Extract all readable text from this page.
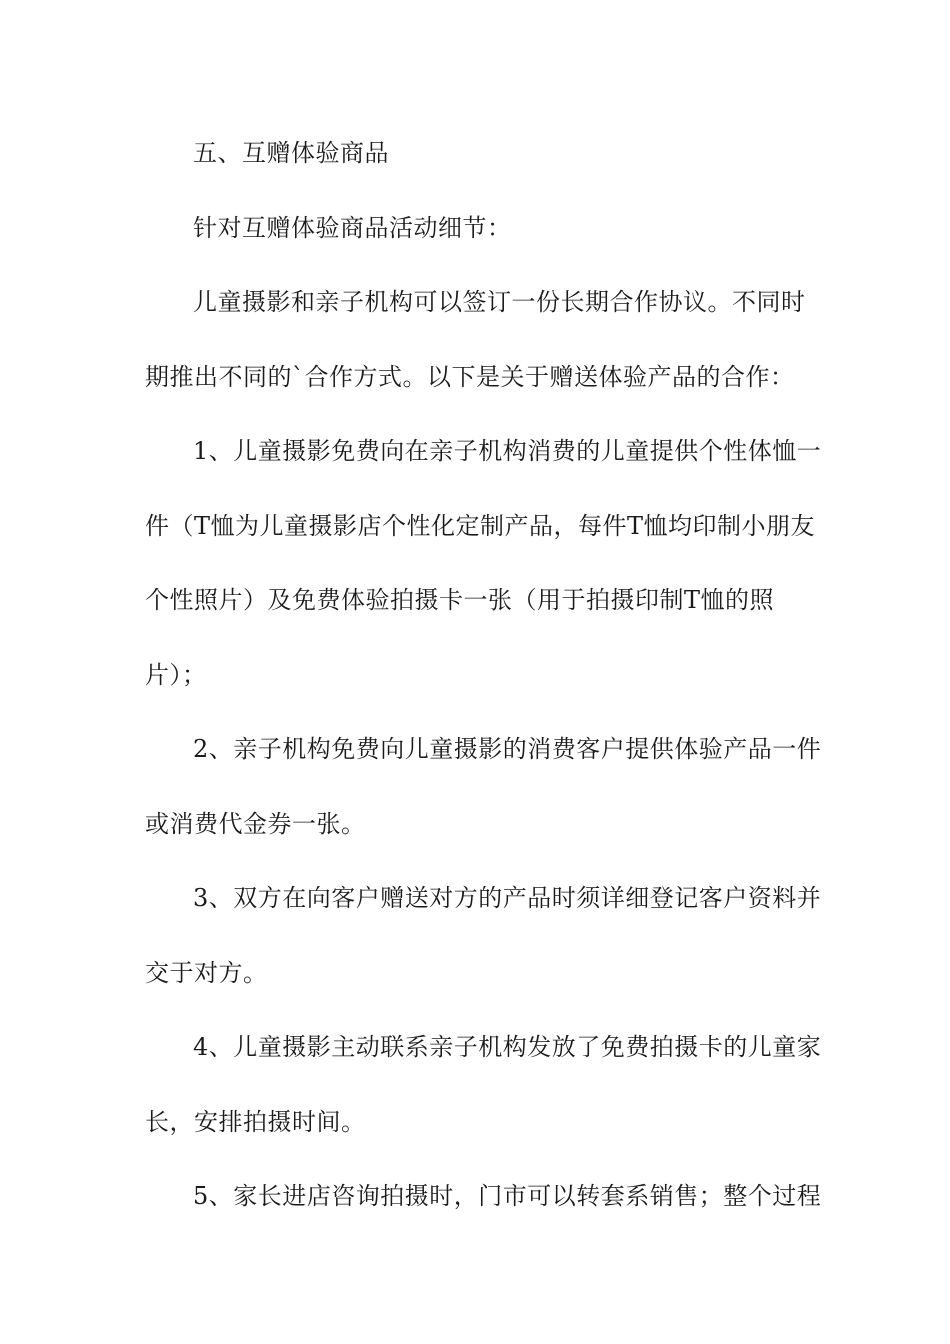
五、互赠体验商品
针对互赠体验商品活动细节：
儿童摄影和亲子机构可以签订一份长期合作协议。不同时
期推出不同的`合作方式。以下是关于赠送体验产品的合作：
1、儿童摄影免费向在亲子机构消费的儿童提供个性体恤一
件（T恤为儿童摄影店个性化定制产品，每件T恤均印制小朋友
个性照片）及免费体验拍摄卡一张（用于拍摄印制T恤的照
片）；
2、亲子机构免费向儿童摄影的消费客户提供体验产品一件
或消费代金券一张。
3、双方在向客户赠送对方的产品时须详细登记客户资料并
交于对方。
4、儿童摄影主动联系亲子机构发放了免费拍摄卡的儿童家
长，安排拍摄时间。
5、家长进店咨询拍摄时，门市可以转套系销售；整个过程
